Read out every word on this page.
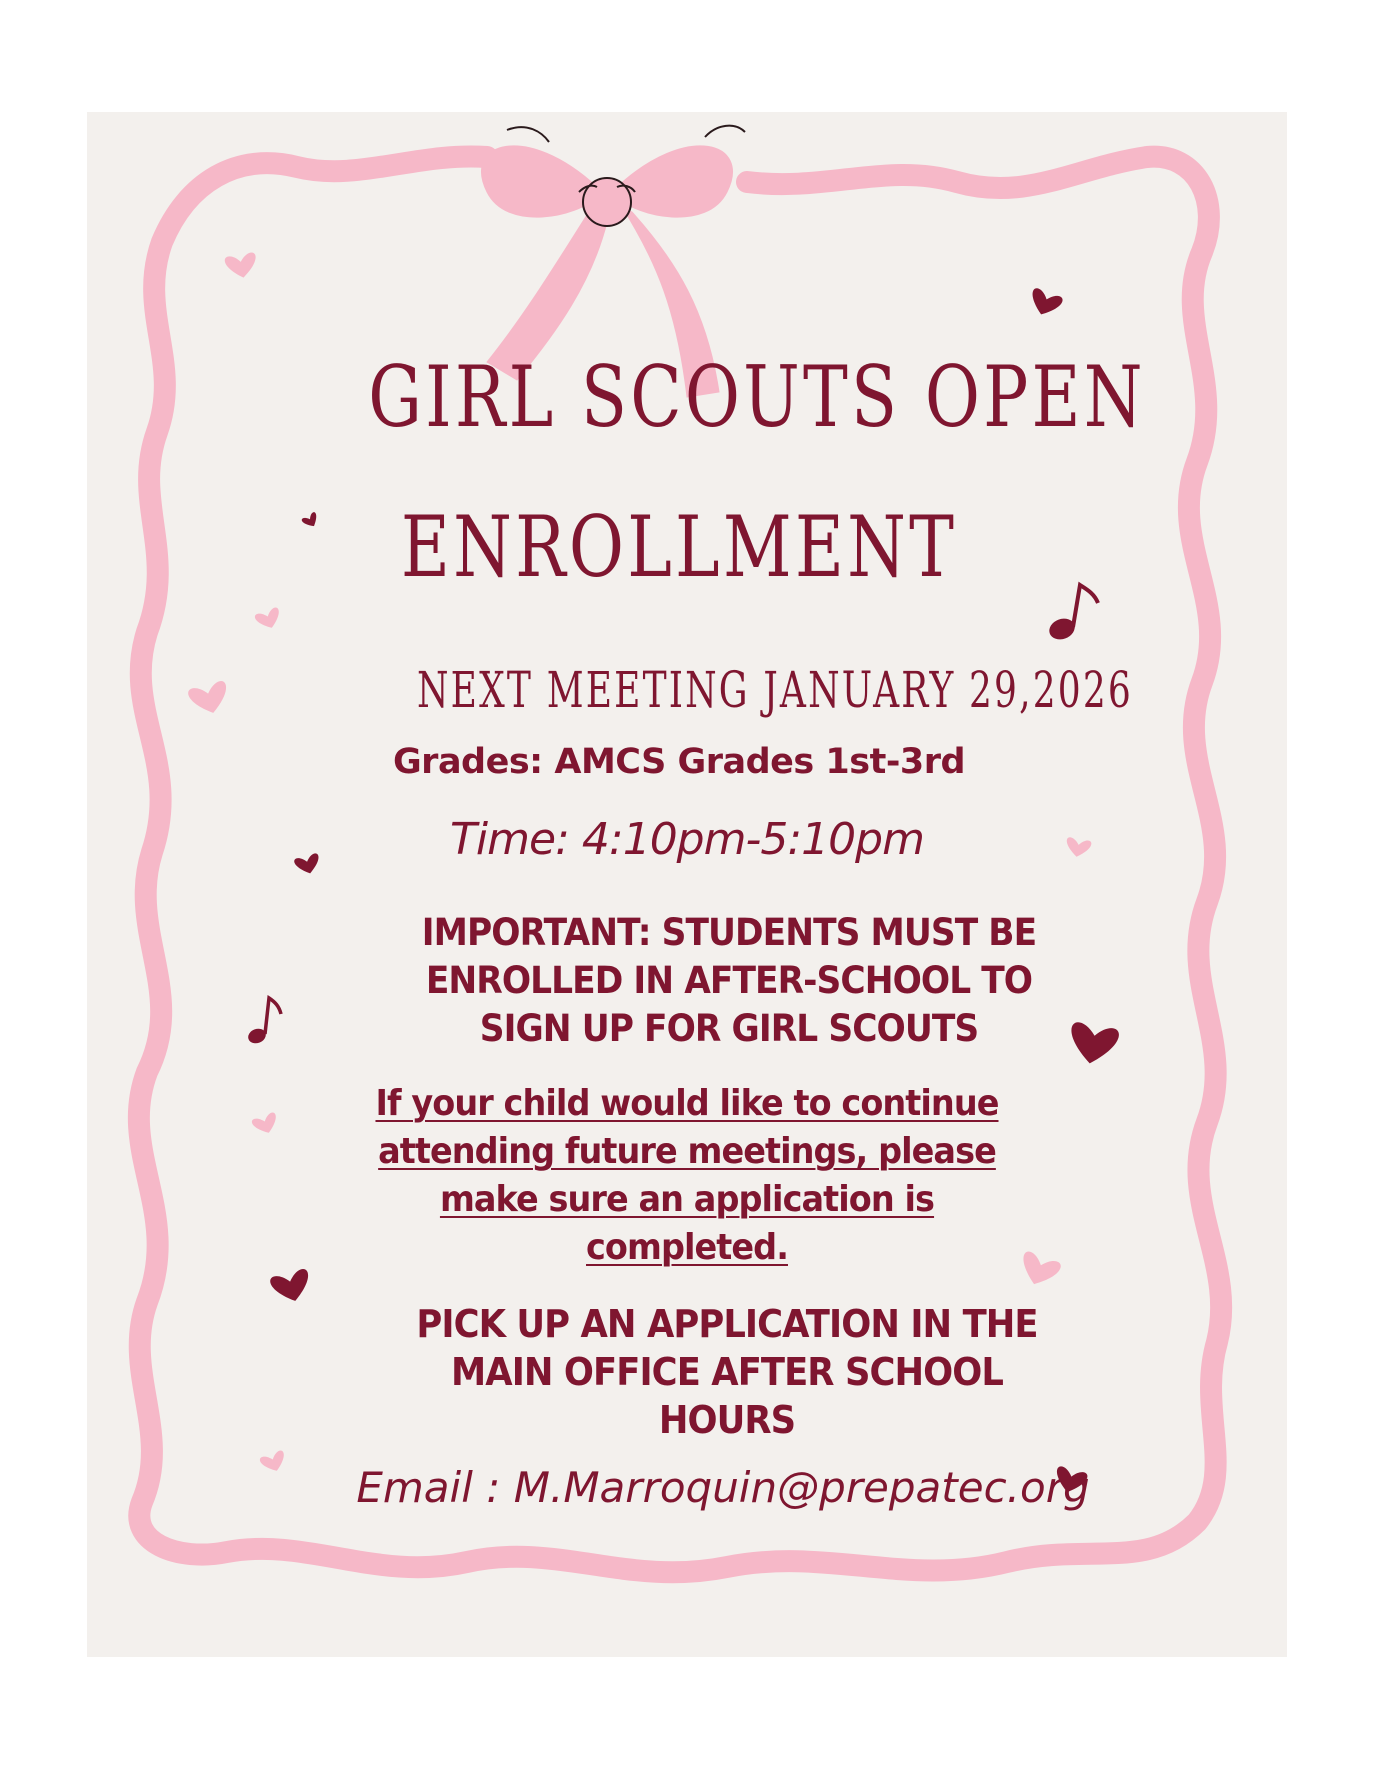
GIRL SCOUTS OPEN
ENROLLMENT
NEXT MEETING JANUARY 29,2026
Grades: AMCS Grades 1st-3rd
Time: 4:10pm-5:10pm
IMPORTANT: STUDENTS MUST BE
ENROLLED IN AFTER-SCHOOL TO
SIGN UP FOR GIRL SCOUTS
If your child would like to continue
attending future meetings, please
make sure an application is
completed.
PICK UP AN APPLICATION IN THE
MAIN OFFICE AFTER SCHOOL
HOURS
Email : M.Marroquin@prepatec.org
